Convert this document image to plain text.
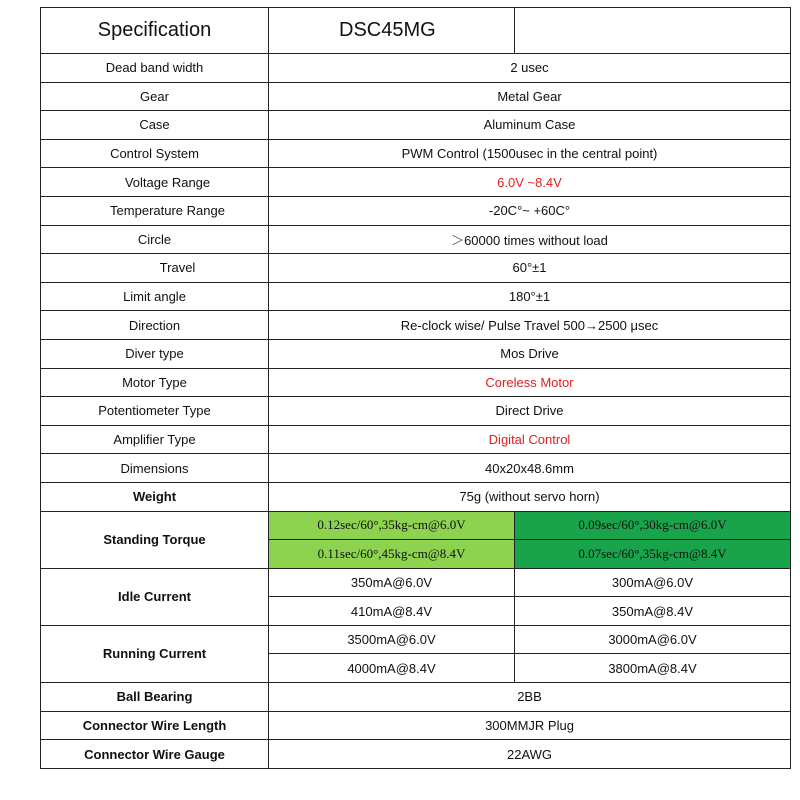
Specification	DSC45MG	
Dead band width	2 usec	
Gear	Metal Gear	
Case	Aluminum Case	
Control System	PWM Control (1500usec in the central point)	
Voltage Range	6.0V ~8.4V	
Temperature Range	-20C°~ +60C°	
Circle	＞60000 times without load	
Travel	60°±1	
Limit angle	180°±1	
Direction	Re-clock wise/ Pulse Travel 500→2500 μsec	
Diver type	Mos Drive	
Motor Type	Coreless Motor	
Potentiometer Type	Direct Drive	
Amplifier Type	Digital Control	
Dimensions	40x20x48.6mm	
Weight	75g (without servo horn)	
Standing Torque	0.12sec/60°,35kg-cm@6.0V	0.09sec/60°,30kg-cm@6.0V
	0.11sec/60°,45kg-cm@8.4V	0.07sec/60°,35kg-cm@8.4V
Idle Current	350mA@6.0V	300mA@6.0V
	410mA@8.4V	350mA@8.4V
Running Current	3500mA@6.0V	3000mA@6.0V
	4000mA@8.4V	3800mA@8.4V
Ball Bearing	2BB	
Connector Wire Length	300MMJR Plug	
Connector Wire Gauge	22AWG	
